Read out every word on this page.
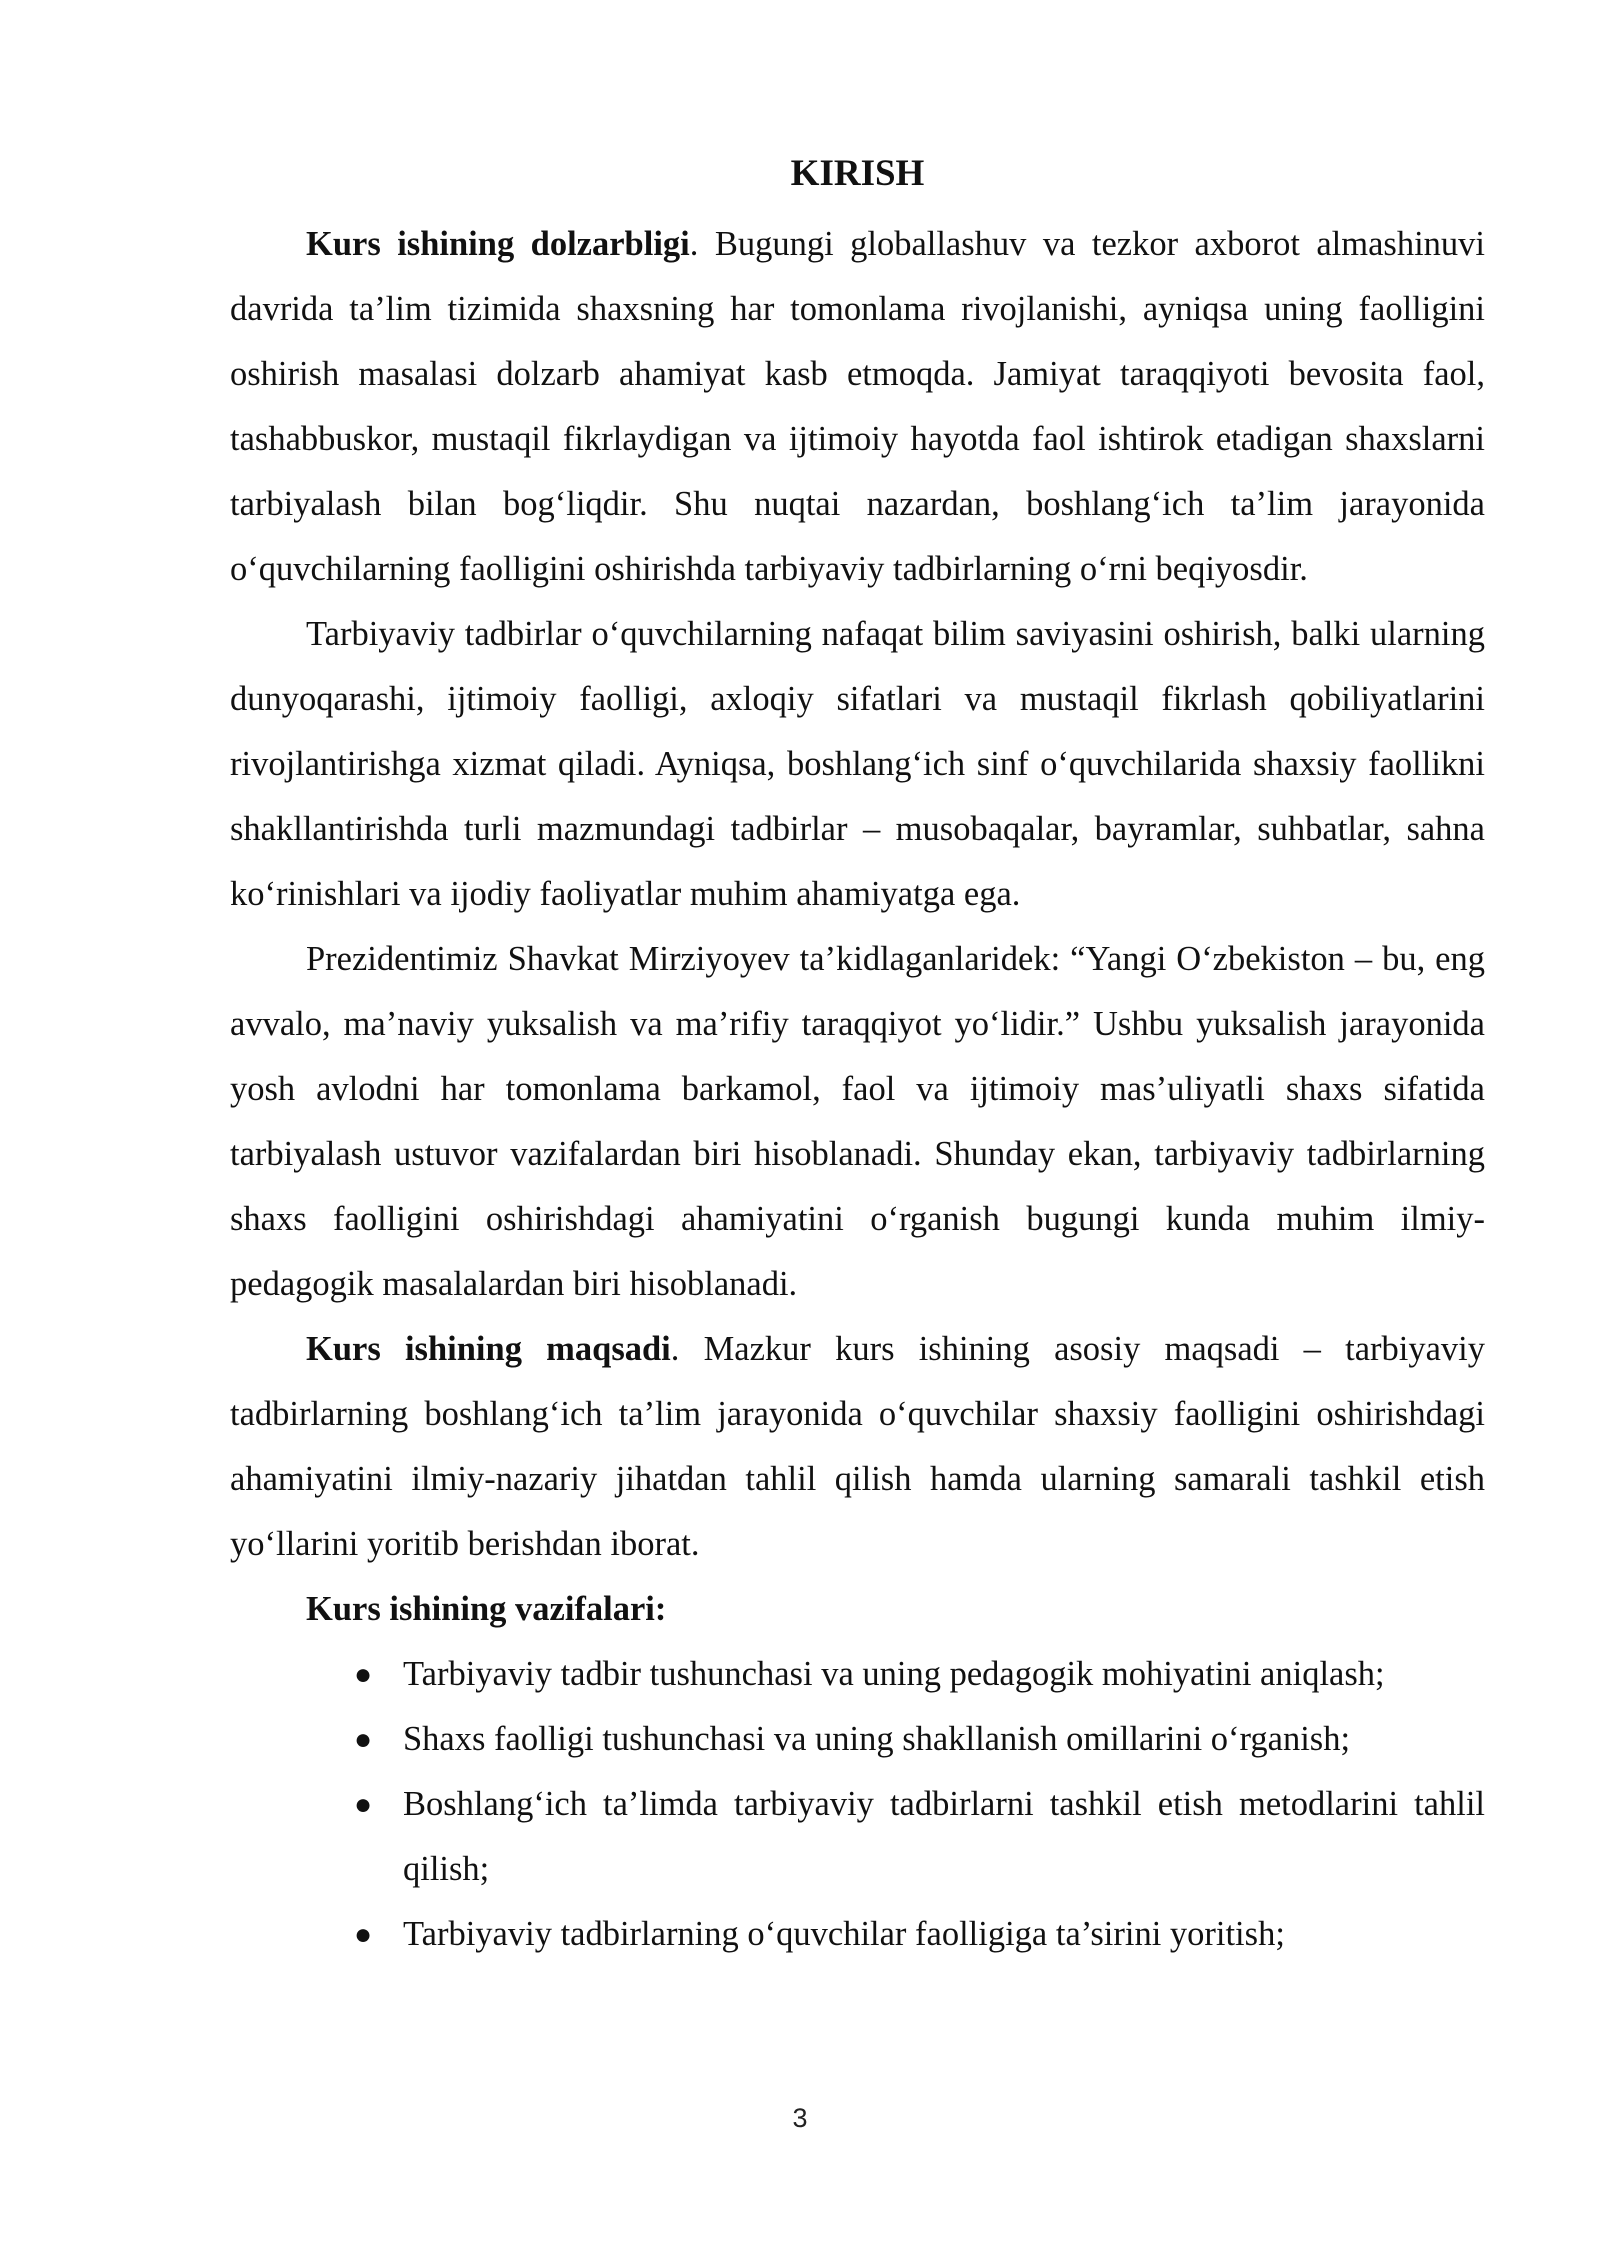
KIRISH

Kurs ishining dolzarbligi. Bugungi globallashuv va tezkor axborot almashinuvi davrida ta’lim tizimida shaxsning har tomonlama rivojlanishi, ayniqsa uning faolligini oshirish masalasi dolzarb ahamiyat kasb etmoqda. Jamiyat taraqqiyoti bevosita faol, tashabbuskor, mustaqil fikrlaydigan va ijtimoiy hayotda faol ishtirok etadigan shaxslarni tarbiyalash bilan bog‘liqdir. Shu nuqtai nazardan, boshlang‘ich ta’lim jarayonida o‘quvchilarning faolligini oshirishda tarbiyaviy tadbirlarning o‘rni beqiyosdir.

Tarbiyaviy tadbirlar o‘quvchilarning nafaqat bilim saviyasini oshirish, balki ularning dunyoqarashi, ijtimoiy faolligi, axloqiy sifatlari va mustaqil fikrlash qobiliyatlarini rivojlantirishga xizmat qiladi. Ayniqsa, boshlang‘ich sinf o‘quvchilarida shaxsiy faollikni shakllantirishda turli mazmundagi tadbirlar – musobaqalar, bayramlar, suhbatlar, sahna ko‘rinishlari va ijodiy faoliyatlar muhim ahamiyatga ega.

Prezidentimiz Shavkat Mirziyoyev ta’kidlaganlaridek: “Yangi O‘zbekiston – bu, eng avvalo, ma’naviy yuksalish va ma’rifiy taraqqiyot yo‘lidir.” Ushbu yuksalish jarayonida yosh avlodni har tomonlama barkamol, faol va ijtimoiy mas’uliyatli shaxs sifatida tarbiyalash ustuvor vazifalardan biri hisoblanadi. Shunday ekan, tarbiyaviy tadbirlarning shaxs faolligini oshirishdagi ahamiyatini o‘rganish bugungi kunda muhim ilmiy-pedagogik masalalardan biri hisoblanadi.

Kurs ishining maqsadi. Mazkur kurs ishining asosiy maqsadi – tarbiyaviy tadbirlarning boshlang‘ich ta’lim jarayonida o‘quvchilar shaxsiy faolligini oshirishdagi ahamiyatini ilmiy-nazariy jihatdan tahlil qilish hamda ularning samarali tashkil etish yo‘llarini yoritib berishdan iborat.

Kurs ishining vazifalari:
● Tarbiyaviy tadbir tushunchasi va uning pedagogik mohiyatini aniqlash;
● Shaxs faolligi tushunchasi va uning shakllanish omillarini o‘rganish;
● Boshlang‘ich ta’limda tarbiyaviy tadbirlarni tashkil etish metodlarini tahlil qilish;
● Tarbiyaviy tadbirlarning o‘quvchilar faolligiga ta’sirini yoritish;
3
